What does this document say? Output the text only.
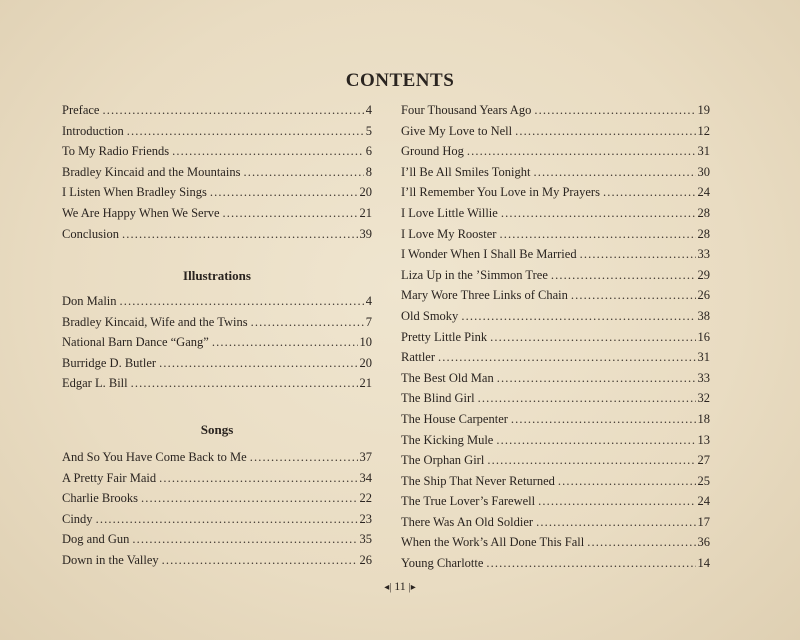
CONTENTS
Preface . . .	4
Introduction . . .	5
To My Radio Friends . . .	6
Bradley Kincaid and the Mountains . . .	8
I Listen When Bradley Sings . . .	20
We Are Happy When We Serve . . .	21
Conclusion . . .	39
Illustrations
Don Malin . . .	4
Bradley Kincaid, Wife and the Twins . . .	7
National Barn Dance “Gang” . . .	10
Burridge D. Butler . . .	20
Edgar L. Bill . . .	21
Songs
And So You Have Come Back to Me . . .	37
A Pretty Fair Maid . . .	34
Charlie Brooks . . .	22
Cindy . . .	23
Dog and Gun . . .	35
Down in the Valley . . .	26
Four Thousand Years Ago . . .	19
Give My Love to Nell . . .	12
Ground Hog . . .	31
I’ll Be All Smiles Tonight . . .	30
I’ll Remember You Love in My Prayers . . .	24
I Love Little Willie . . .	28
I Love My Rooster . . .	28
I Wonder When I Shall Be Married . . .	33
Liza Up in the ’Simmon Tree . . .	29
Mary Wore Three Links of Chain . . .	26
Old Smoky . . .	38
Pretty Little Pink . . .	16
Rattler . . .	31
The Best Old Man . . .	33
The Blind Girl . . .	32
The House Carpenter . . .	18
The Kicking Mule . . .	13
The Orphan Girl . . .	27
The Ship That Never Returned . . .	25
The True Lover’s Farewell . . .	24
There Was An Old Soldier . . .	17
When the Work’s All Done This Fall . . .	36
Young Charlotte . . .	14
◂| 11 |▸
